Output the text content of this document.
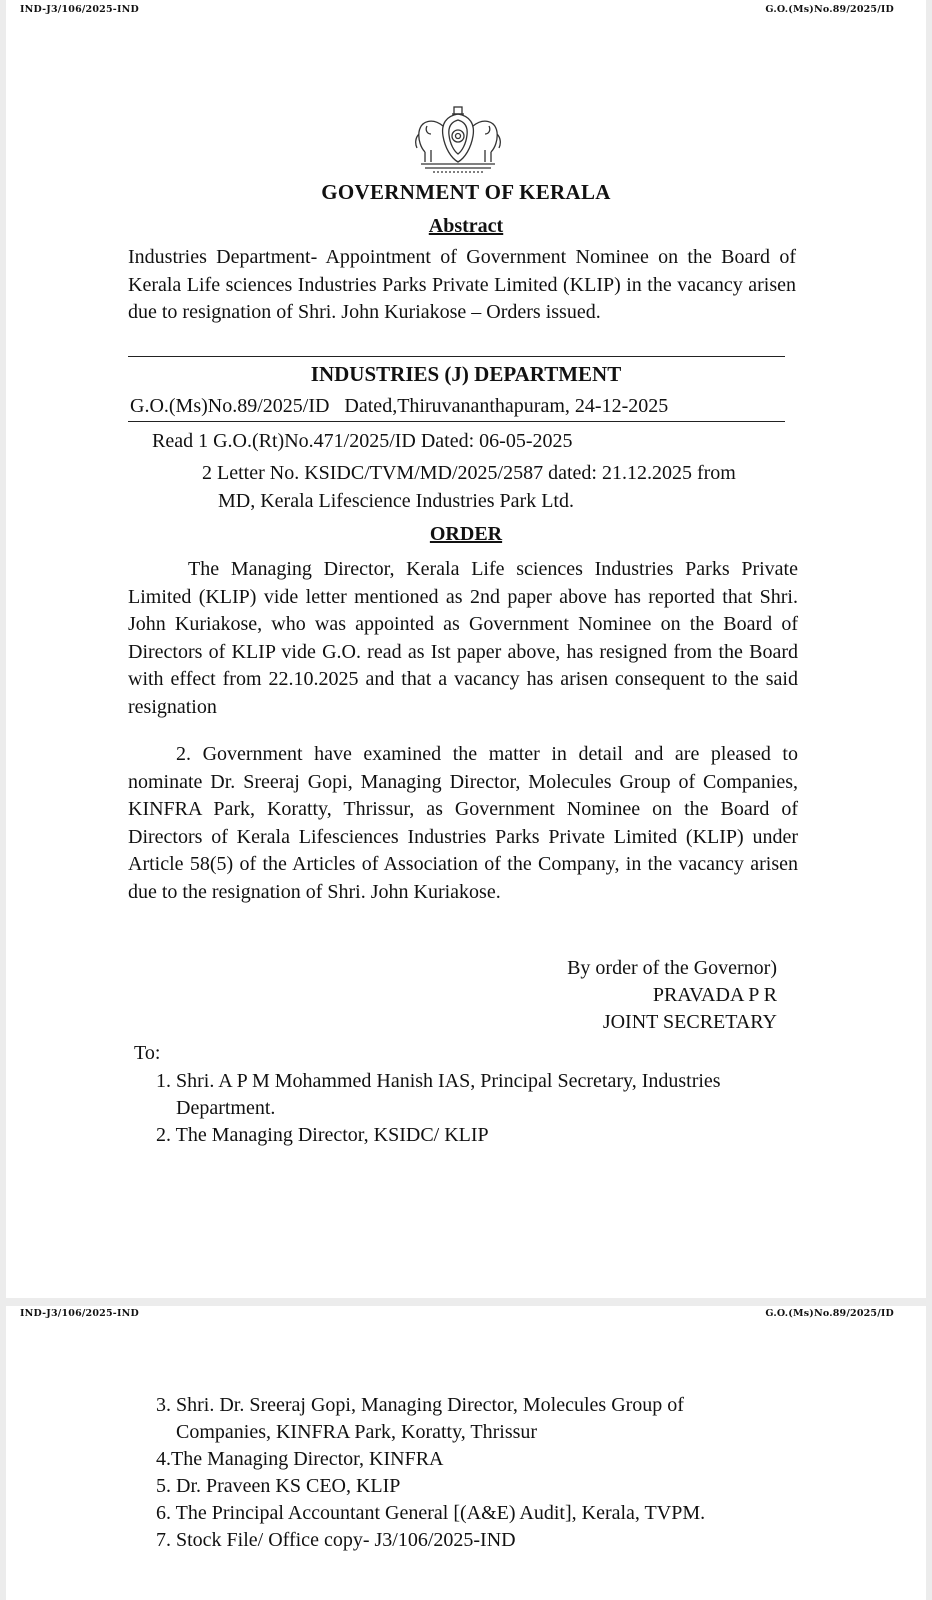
IND-J3/106/2025-IND	G.O.(Ms)No.89/2025/ID
GOVERNMENT OF KERALA
Abstract
Industries Department- Appointment of Government Nominee on the Board of Kerala Life sciences Industries Parks Private Limited (KLIP) in the vacancy arisen due to resignation of Shri. John Kuriakose – Orders issued.
INDUSTRIES (J) DEPARTMENT
G.O.(Ms)No.89/2025/ID   Dated,Thiruvananthapuram, 24-12-2025
Read 1 G.O.(Rt)No.471/2025/ID Dated: 06-05-2025
2 Letter No. KSIDC/TVM/MD/2025/2587 dated: 21.12.2025 from
MD, Kerala Lifescience Industries Park Ltd.
ORDER
The Managing Director, Kerala Life sciences Industries Parks Private Limited (KLIP) vide letter mentioned as 2nd paper above has reported that Shri. John Kuriakose, who was appointed as Government Nominee on the Board of Directors of KLIP vide G.O. read as Ist paper above, has resigned from the Board with effect from 22.10.2025 and that a vacancy has arisen consequent to the said resignation
2. Government have examined the matter in detail and are pleased to nominate Dr. Sreeraj Gopi, Managing Director, Molecules Group of Companies, KINFRA Park, Koratty, Thrissur, as Government Nominee on the Board of Directors of Kerala Lifesciences Industries Parks Private Limited (KLIP) under Article 58(5) of the Articles of Association of the Company, in the vacancy arisen due to the resignation of Shri. John Kuriakose.
By order of the Governor)
PRAVADA P R
JOINT SECRETARY
To:
1. Shri. A P M Mohammed Hanish IAS, Principal Secretary, Industries
Department.
2. The Managing Director, KSIDC/ KLIP
IND-J3/106/2025-IND	G.O.(Ms)No.89/2025/ID
3. Shri. Dr. Sreeraj Gopi, Managing Director, Molecules Group of
Companies, KINFRA Park, Koratty, Thrissur
4.The Managing Director, KINFRA
5. Dr. Praveen KS CEO, KLIP
6. The Principal Accountant General [(A&E) Audit], Kerala, TVPM.
7. Stock File/ Office copy- J3/106/2025-IND
